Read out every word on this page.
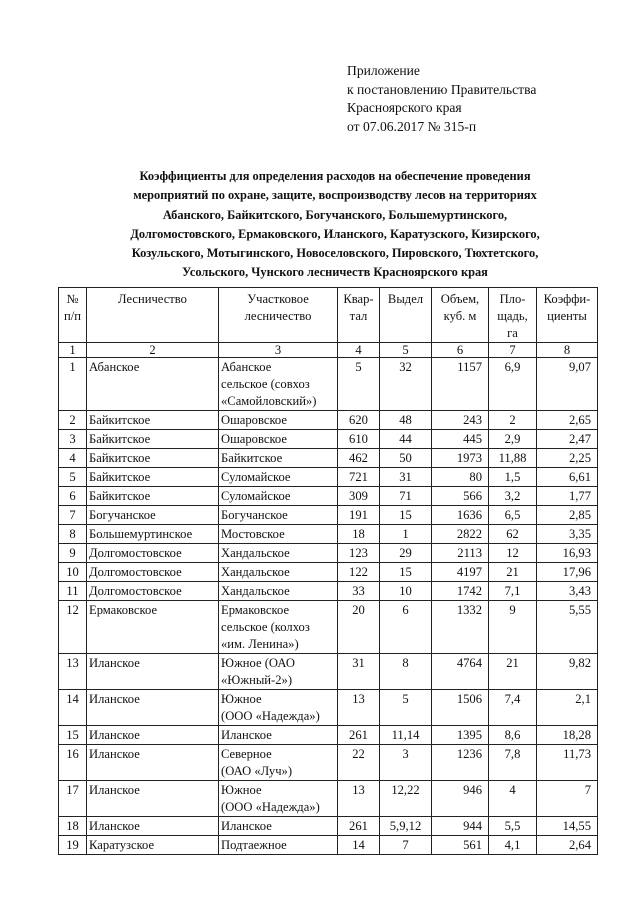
Приложение
к постановлению Правительства
Красноярского края
от 07.06.2017 № 315-п
Коэффициенты для определения расходов на обеспечение проведения
мероприятий по охране, защите, воспроизводству лесов на территориях
Абанского, Байкитского, Богучанского, Большемуртинского,
Долгомостовского, Ермаковского, Иланского, Каратузского, Кизирского,
Козульского, Мотыгинского, Новоселовского, Пировского, Тюхтетского,
Усольского, Чунского лесничеств Красноярского края
№ п/п	Лесничество	Участковое лесничество	Квар-тал	Выдел	Объем, куб. м	Пло-щадь, га	Коэффи-циенты
1	2	3	4	5	6	7	8
1	Абанское	Абанское
сельское (совхоз
«Самойловский»)	5	32	1157	6,9	9,07
2	Байкитское	Ошаровское	620	48	243	2	2,65
3	Байкитское	Ошаровское	610	44	445	2,9	2,47
4	Байкитское	Байкитское	462	50	1973	11,88	2,25
5	Байкитское	Суломайское	721	31	80	1,5	6,61
6	Байкитское	Суломайское	309	71	566	3,2	1,77
7	Богучанское	Богучанское	191	15	1636	6,5	2,85
8	Большемуртинское	Мостовское	18	1	2822	62	3,35
9	Долгомостовское	Хандальское	123	29	2113	12	16,93
10	Долгомостовское	Хандальское	122	15	4197	21	17,96
11	Долгомостовское	Хандальское	33	10	1742	7,1	3,43
12	Ермаковское	Ермаковское
сельское (колхоз
«им. Ленина»)	20	6	1332	9	5,55
13	Иланское	Южное (ОАО
«Южный-2»)	31	8	4764	21	9,82
14	Иланское	Южное
(ООО «Надежда»)	13	5	1506	7,4	2,1
15	Иланское	Иланское	261	11,14	1395	8,6	18,28
16	Иланское	Северное
(ОАО «Луч»)	22	3	1236	7,8	11,73
17	Иланское	Южное
(ООО «Надежда»)	13	12,22	946	4	7
18	Иланское	Иланское	261	5,9,12	944	5,5	14,55
19	Каратузское	Подтаежное	14	7	561	4,1	2,64
